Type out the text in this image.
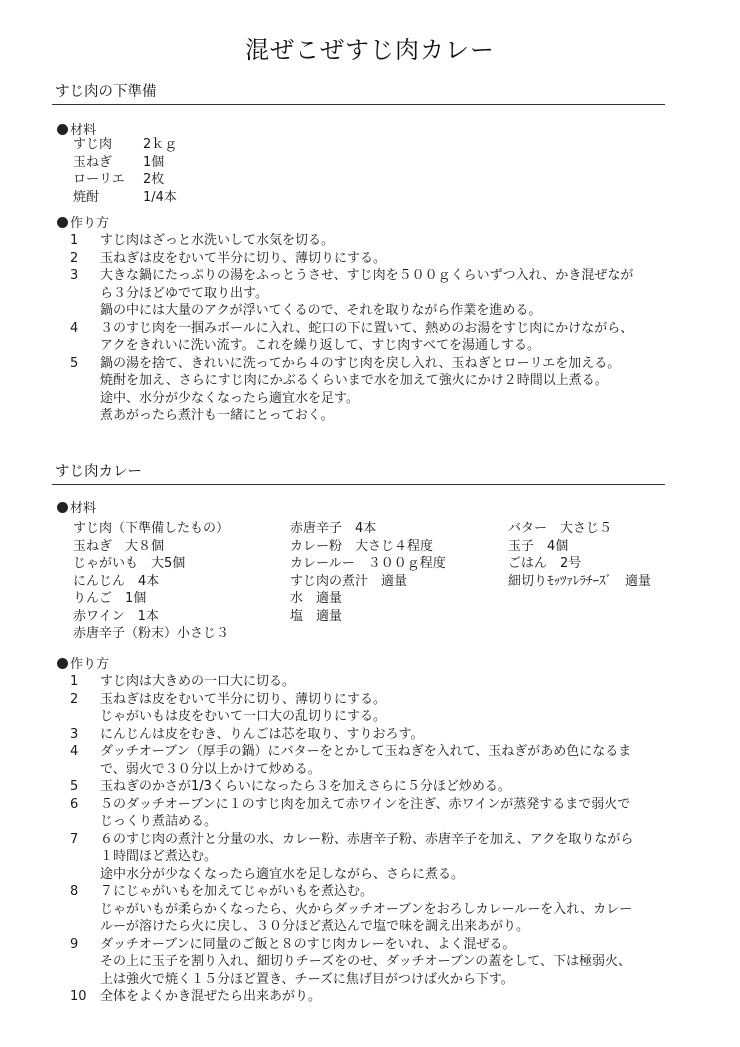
混ぜこぜすじ肉カレー
すじ肉の下準備
材料
すじ肉	2ｋｇ
玉ねぎ	1個
ローリエ	2枚
焼酎	1/4本
作り方
1	すじ肉はざっと水洗いして水気を切る。
2	玉ねぎは皮をむいて半分に切り、薄切りにする。
3	大きな鍋にたっぷりの湯をふっとうさせ、すじ肉を５００ｇくらいずつ入れ、かき混ぜなが
ら３分ほどゆでて取り出す。
鍋の中には大量のアクが浮いてくるので、それを取りながら作業を進める。
4	３のすじ肉を一掴みボールに入れ、蛇口の下に置いて、熱めのお湯をすじ肉にかけながら、
アクをきれいに洗い流す。これを繰り返して、すじ肉すべてを湯通しする。
5	鍋の湯を捨て、きれいに洗ってから４のすじ肉を戻し入れ、玉ねぎとローリエを加える。
焼酎を加え、さらにすじ肉にかぶるくらいまで水を加えて強火にかけ２時間以上煮る。
途中、水分が少なくなったら適宜水を足す。
煮あがったら煮汁も一緒にとっておく。
すじ肉カレー
材料
すじ肉（下準備したもの）
玉ねぎ　大８個
じゃがいも　大5個
にんじん　4本
りんご　1個
赤ワイン　1本
赤唐辛子（粉末）小さじ３
赤唐辛子　4本
カレー粉　大さじ４程度
カレールー　３００ｇ程度
すじ肉の煮汁　適量
水　適量
塩　適量
バター　大さじ５
玉子　4個
ごはん　2号
細切りﾓｯﾂｧﾚﾗﾁｰｽﾞ　適量
作り方
1	すじ肉は大きめの一口大に切る。
2	玉ねぎは皮をむいて半分に切り、薄切りにする。
じゃがいもは皮をむいて一口大の乱切りにする。
3	にんじんは皮をむき、りんごは芯を取り、すりおろす。
4	ダッチオーブン（厚手の鍋）にバターをとかして玉ねぎを入れて、玉ねぎがあめ色になるま
で、弱火で３０分以上かけて炒める。
5	玉ねぎのかさが1/3くらいになったら３を加えさらに５分ほど炒める。
6	５のダッチオーブンに１のすじ肉を加えて赤ワインを注ぎ、赤ワインが蒸発するまで弱火で
じっくり煮詰める。
7	６のすじ肉の煮汁と分量の水、カレー粉、赤唐辛子粉、赤唐辛子を加え、アクを取りながら
１時間ほど煮込む。
途中水分が少なくなったら適宜水を足しながら、さらに煮る。
8	７にじゃがいもを加えてじゃがいもを煮込む。
じゃがいもが柔らかくなったら、火からダッチオーブンをおろしカレールーを入れ、カレー
ルーが溶けたら火に戻し、３０分ほど煮込んで塩で味を調え出来あがり。
9	ダッチオーブンに同量のご飯と８のすじ肉カレーをいれ、よく混ぜる。
その上に玉子を割り入れ、細切りチーズをのせ、ダッチオーブンの蓋をして、下は極弱火、
上は強火で焼く１５分ほど置き、チーズに焦げ目がつけば火から下す。
10	全体をよくかき混ぜたら出来あがり。
